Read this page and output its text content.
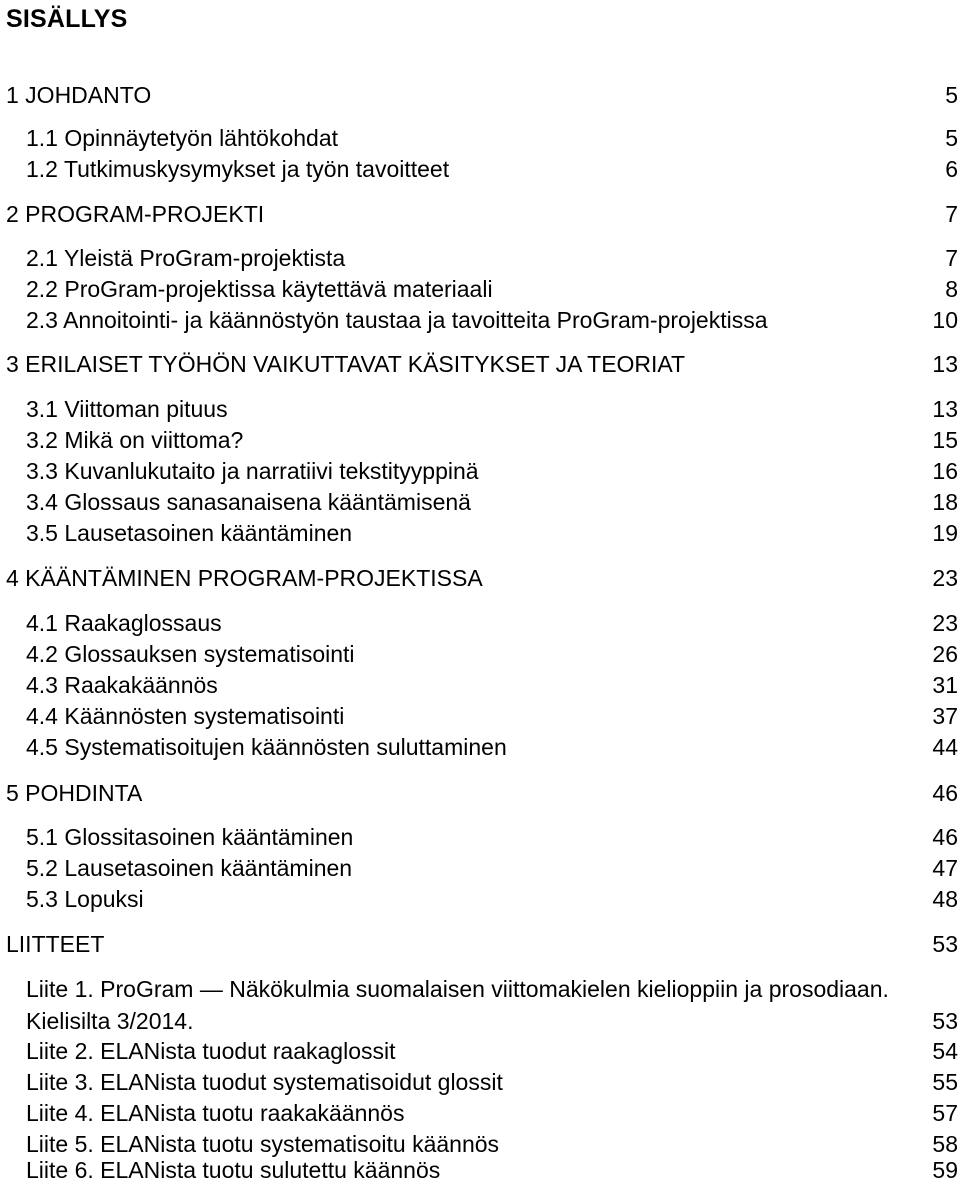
SISÄLLYS
1 JOHDANTO	5
1.1 Opinnäytetyön lähtökohdat	5
1.2 Tutkimuskysymykset ja työn tavoitteet	6
2 PROGRAM-PROJEKTI	7
2.1 Yleistä ProGram-projektista	7
2.2 ProGram-projektissa käytettävä materiaali	8
2.3 Annoitointi- ja käännöstyön taustaa ja tavoitteita ProGram-projektissa	10
3 ERILAISET TYÖHÖN VAIKUTTAVAT KÄSITYKSET JA TEORIAT	13
3.1 Viittoman pituus	13
3.2 Mikä on viittoma?	15
3.3 Kuvanlukutaito ja narratiivi tekstityyppinä	16
3.4 Glossaus sanasanaisena kääntämisenä	18
3.5 Lausetasoinen kääntäminen	19
4 KÄÄNTÄMINEN PROGRAM-PROJEKTISSA	23
4.1 Raakaglossaus	23
4.2 Glossauksen systematisointi	26
4.3 Raakakäännös	31
4.4 Käännösten systematisointi	37
4.5 Systematisoitujen käännösten suluttaminen	44
5 POHDINTA	46
5.1 Glossitasoinen kääntäminen	46
5.2 Lausetasoinen kääntäminen	47
5.3 Lopuksi	48
LIITTEET	53
Liite 1. ProGram — Näkökulmia suomalaisen viittomakielen kielioppiin ja prosodiaan. Kielisilta 3/2014.	53
Liite 2. ELANista tuodut raakaglossit	54
Liite 3. ELANista tuodut systematisoidut glossit	55
Liite 4. ELANista tuotu raakakäännös	57
Liite 5. ELANista tuotu systematisoitu käännös	58
Liite 6. ELANista tuotu sulutettu käännös	59
